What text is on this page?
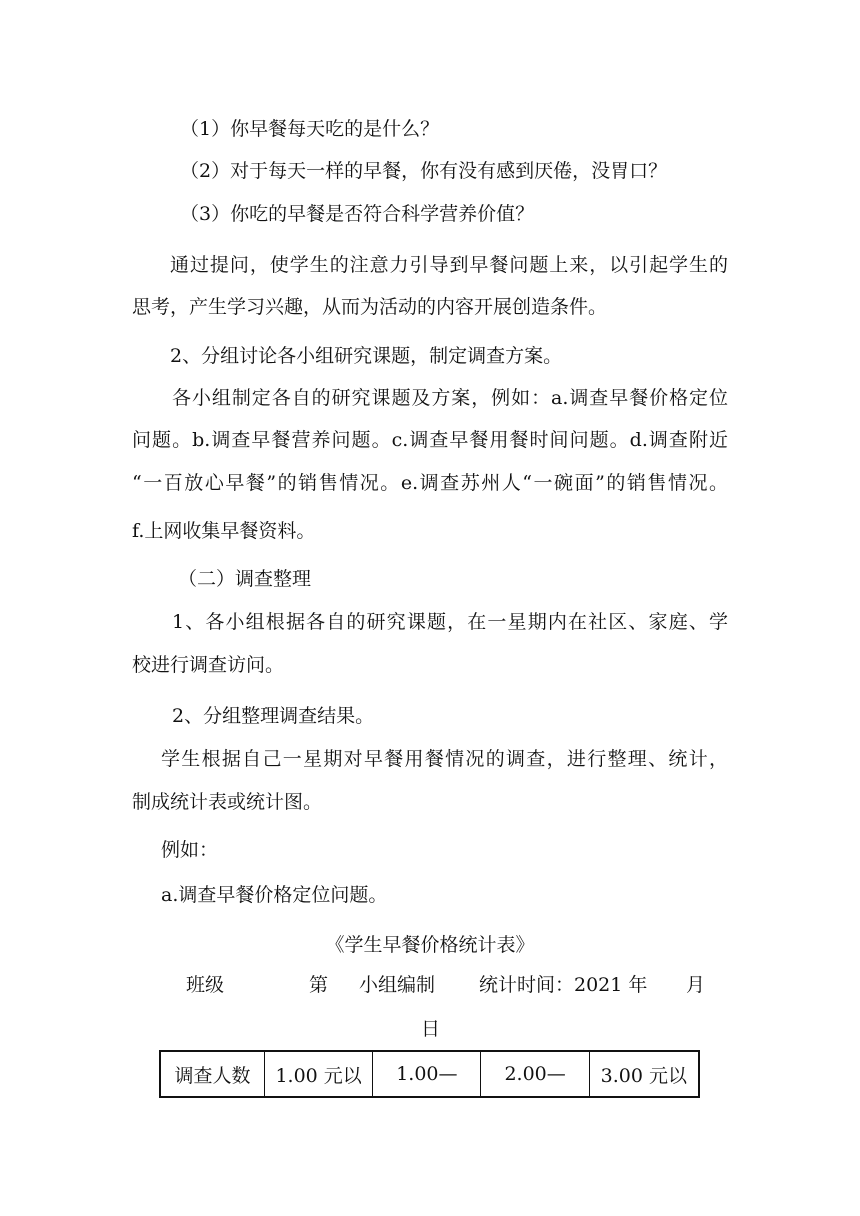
（1）你早餐每天吃的是什么？
（2）对于每天一样的早餐，你有没有感到厌倦，没胃口？
（3）你吃的早餐是否符合科学营养价值？
通过提问，使学生的注意力引导到早餐问题上来，以引起学生的
思考，产生学习兴趣，从而为活动的内容开展创造条件。
2、分组讨论各小组研究课题，制定调查方案。
各小组制定各自的研究课题及方案，例如：a.调查早餐价格定位
问题。b.调查早餐营养问题。c.调查早餐用餐时间问题。d.调查附近
“一百放心早餐”的销售情况。e.调查苏州人“一碗面”的销售情况。
f.上网收集早餐资料。
（二）调查整理
1、各小组根据各自的研究课题，在一星期内在社区、家庭、学
校进行调查访问。
2、分组整理调查结果。
学生根据自己一星期对早餐用餐情况的调查，进行整理、统计，
制成统计表或统计图。
例如：
a.调查早餐价格定位问题。
《学生早餐价格统计表》
班级	第 小组编制 统计时间：2021 年 月
日
调查人数	1.00 元以	1.00—	2.00—	3.00 元以
